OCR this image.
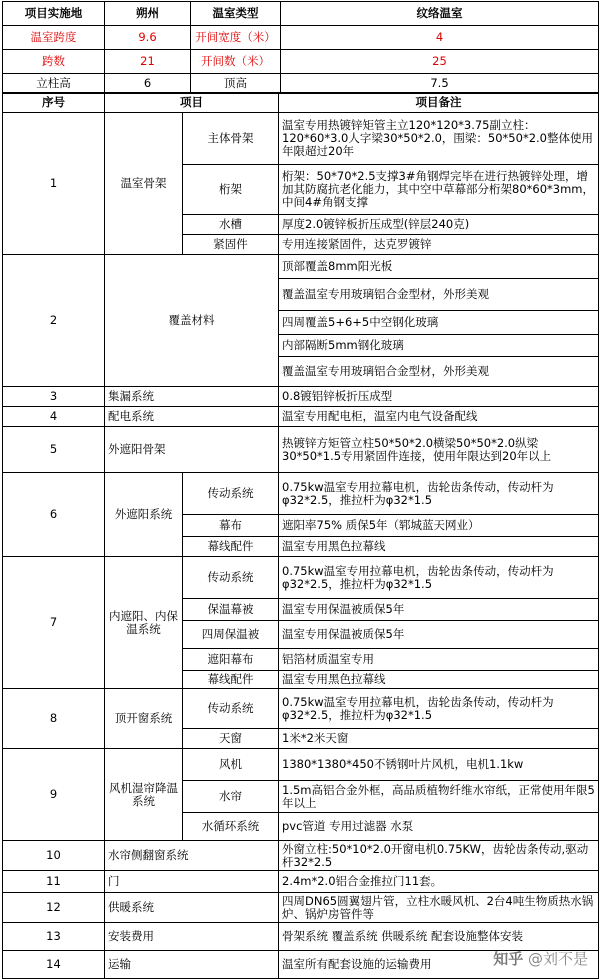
项目实施地	朔州	温室类型	纹络温室
温室跨度	9.6	开间宽度（米）	4
跨数	21	开间数（米）	25
立柱高	6	顶高	7.5
序号	项目		项目备注
1	温室骨架	主体骨架	温室专用热镀锌矩管主立120*120*3.75副立柱：120*60*3.0人字梁30*50*2.0，围梁：50*50*2.0整体使用年限超过20年
		桁架	桁架：50*70*2.5支撑3#角钢焊完毕在进行热镀锌处理，增加其防腐抗老化能力，其中空中草幕部分桁架80*60*3mm，中间4#角钢支撑
		水槽	厚度2.0镀锌板折压成型(锌层240克)
		紧固件	专用连接紧固件，达克罗镀锌
2	覆盖材料		顶部覆盖8mm阳光板
			覆盖温室专用玻璃铝合金型材，外形美观
			四周覆盖5+6+5中空钢化玻璃
			内部隔断5mm钢化玻璃
			覆盖温室专用玻璃铝合金型材，外形美观
3	集漏系统		0.8镀铝锌板折压成型
4	配电系统		温室专用配电柜，温室内电气设备配线
5	外遮阳骨架		热镀锌方矩管立柱50*50*2.0横梁50*50*2.0纵梁30*50*1.5专用紧固件连接，使用年限达到20年以上
6	外遮阳系统	传动系统	0.75kw温室专用拉幕电机，齿轮齿条传动，传动杆为φ32*2.5，推拉杆为φ32*1.5
		幕布	遮阳率75% 质保5年（郓城蓝天网业）
		幕线配件	温室专用黑色拉幕线
7	内遮阳、内保温系统	传动系统	0.75kw温室专用拉幕电机，齿轮齿条传动，传动杆为φ32*2.5，推拉杆为φ32*1.5
		保温幕被	温室专用保温被质保5年
		四周保温被	温室专用保温被质保5年
		遮阳幕布	铝箔材质温室专用
		幕线配件	温室专用黑色拉幕线
8	顶开窗系统	传动系统	0.75kw温室专用拉幕电机，齿轮齿条传动，传动杆为φ32*2.5，推拉杆为φ32*1.5
		天窗	1米*2米天窗
9	风机湿帘降温系统	风机	1380*1380*450不锈钢叶片风机，电机1.1kw
		水帘	1.5m高铝合金外框，高品质植物纤维水帘纸，正常使用年限5年以上
		水循环系统	pvc管道 专用过滤器 水泵
10	水帘侧翻窗系统		外窗立柱:50*10*2.0开窗电机0.75KW，齿轮齿条传动,驱动杆32*2.5
11	门		2.4m*2.0铝合金推拉门11套。
12	供暖系统		四周DN65圆翼翅片管，立柱水暖风机、2台4吨生物质热水锅炉、锅炉房管件等
13	安装费用		骨架系统 覆盖系统 供暖系统 配套设施整体安装
14	运输		温室所有配套设施的运输费用	知乎 @刘不是
